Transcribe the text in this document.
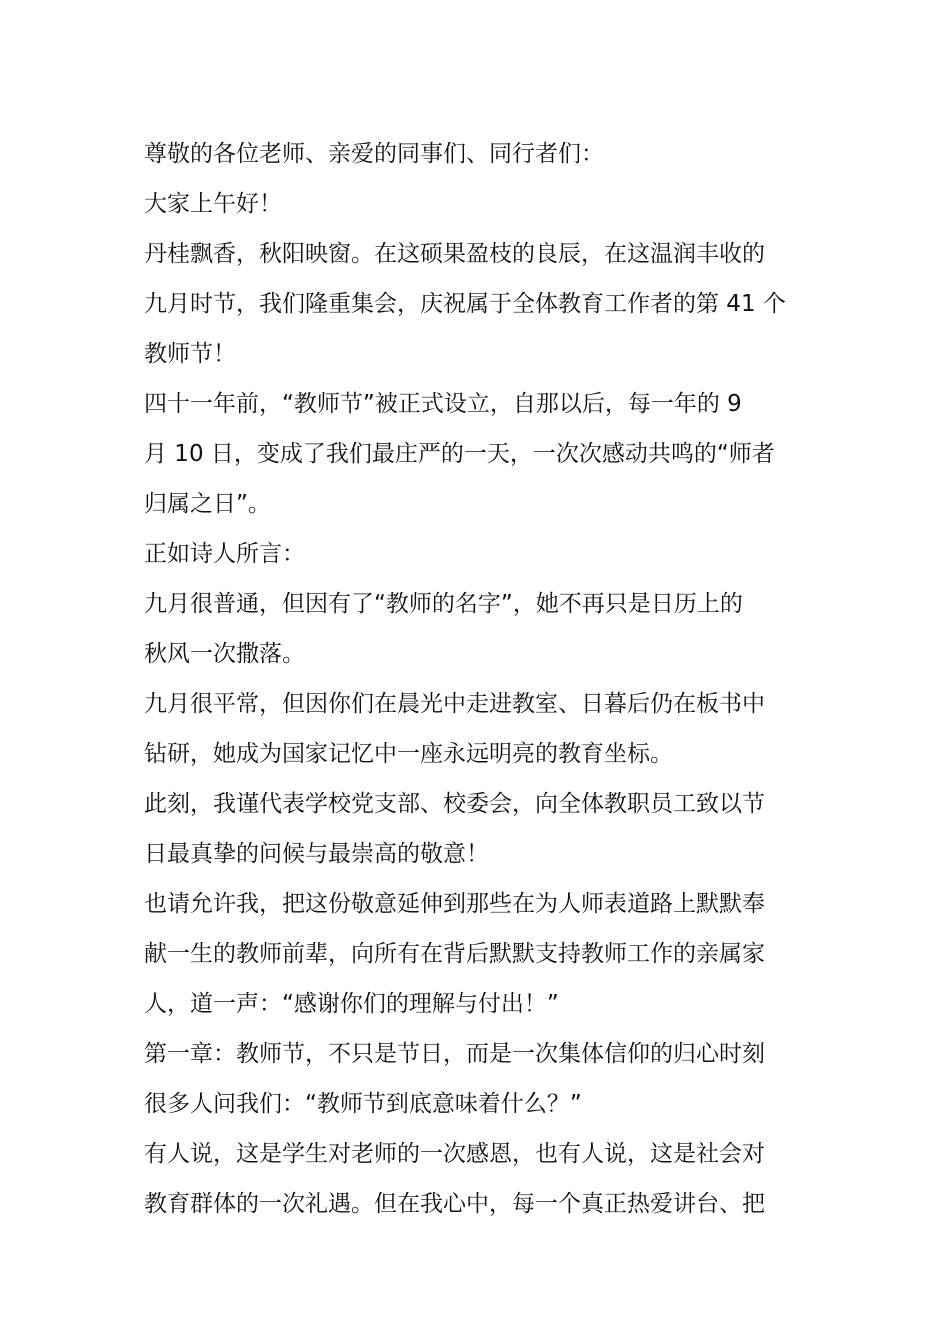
尊敬的各位老师、亲爱的同事们、同行者们：
大家上午好！
丹桂飘香，秋阳映窗。在这硕果盈枝的良辰，在这温润丰收的
九月时节，我们隆重集会，庆祝属于全体教育工作者的第 41 个
教师节！
四十一年前，“教师节”被正式设立，自那以后，每一年的 9
月 10 日，变成了我们最庄严的一天，一次次感动共鸣的“师者
归属之日”。
正如诗人所言：
九月很普通，但因有了“教师的名字”，她不再只是日历上的
秋风一次撒落。
九月很平常，但因你们在晨光中走进教室、日暮后仍在板书中
钻研，她成为国家记忆中一座永远明亮的教育坐标。
此刻，我谨代表学校党支部、校委会，向全体教职员工致以节
日最真挚的问候与最崇高的敬意！
也请允许我，把这份敬意延伸到那些在为人师表道路上默默奉
献一生的教师前辈，向所有在背后默默支持教师工作的亲属家
人，道一声：“感谢你们的理解与付出！”
第一章：教师节，不只是节日，而是一次集体信仰的归心时刻
很多人问我们：“教师节到底意味着什么？”
有人说，这是学生对老师的一次感恩，也有人说，这是社会对
教育群体的一次礼遇。但在我心中，每一个真正热爱讲台、把
